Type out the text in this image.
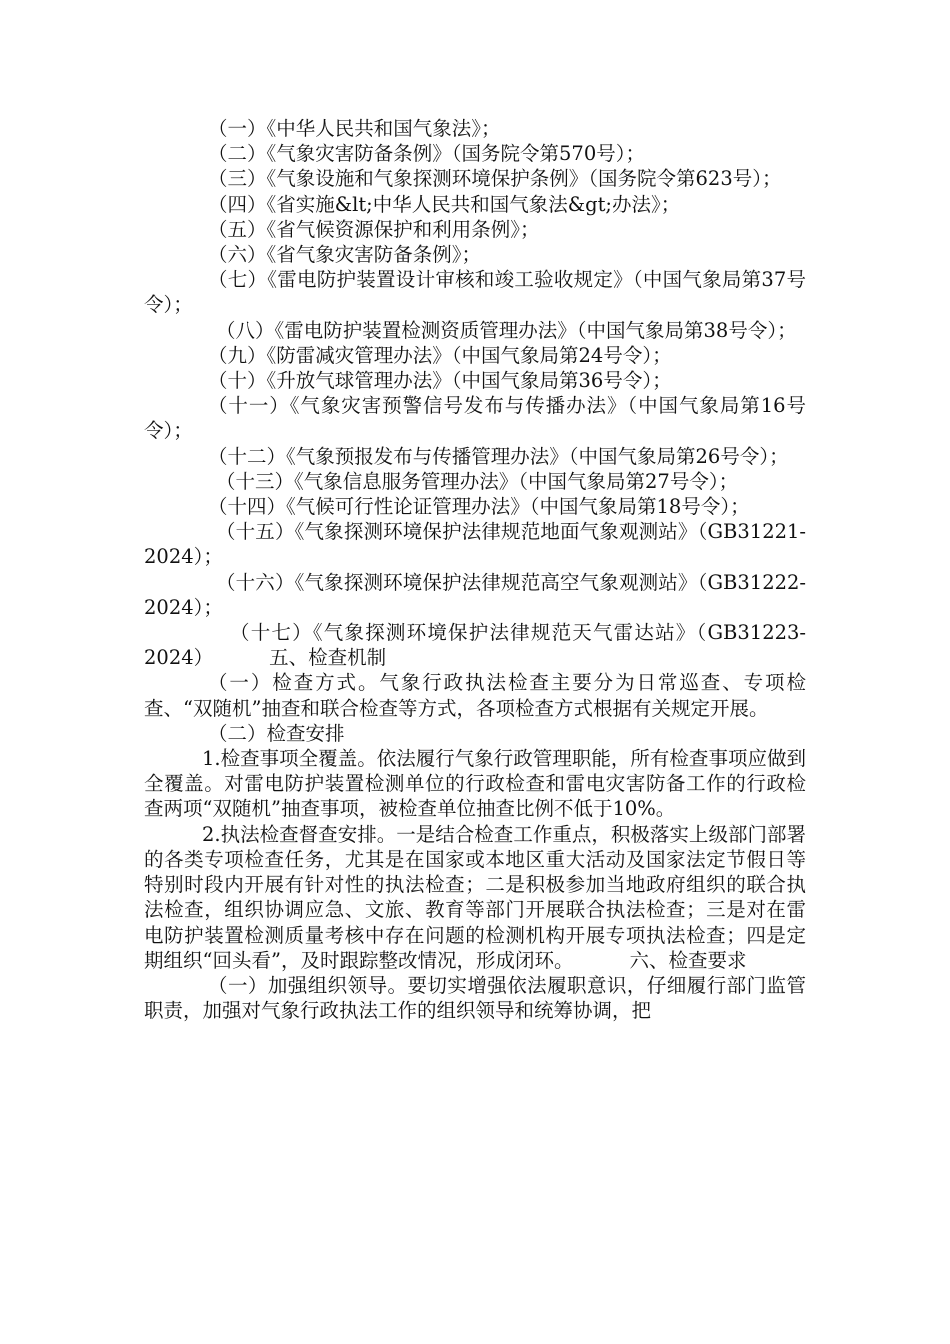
（一）《中华人民共和国气象法》；

（二）《气象灾害防备条例》（国务院令第570号）；

（三）《气象设施和气象探测环境保护条例》（国务院令第623号）；

（四）《省实施&lt;中华人民共和国气象法&gt;办法》；

（五）《省气候资源保护和利用条例》；

（六）《省气象灾害防备条例》；

（七）《雷电防护装置设计审核和竣工验收规定》（中国气象局第37号令）；

（八）《雷电防护装置检测资质管理办法》（中国气象局第38号令）；

（九）《防雷减灾管理办法》（中国气象局第24号令）；

（十）《升放气球管理办法》（中国气象局第36号令）；

（十一）《气象灾害预警信号发布与传播办法》（中国气象局第16号令）；

（十二）《气象预报发布与传播管理办法》（中国气象局第26号令）；

（十三）《气象信息服务管理办法》（中国气象局第27号令）；

（十四）《气候可行性论证管理办法》（中国气象局第18号令）；

（十五）《气象探测环境保护法律规范地面气象观测站》（GB31221-2024）；

（十六）《气象探测环境保护法律规范高空气象观测站》（GB31222-2024）；

（十七）《气象探测环境保护法律规范天气雷达站》（GB31223-2024）	五、检查机制

（一）检查方式。气象行政执法检查主要分为日常巡查、专项检查、“双随机”抽查和联合检查等方式，各项检查方式根据有关规定开展。

（二）检查安排

1.检查事项全覆盖。依法履行气象行政管理职能，所有检查事项应做到全覆盖。对雷电防护装置检测单位的行政检查和雷电灾害防备工作的行政检查两项“双随机”抽查事项，被检查单位抽查比例不低于10%。

2.执法检查督查安排。一是结合检查工作重点，积极落实上级部门部署的各类专项检查任务，尤其是在国家或本地区重大活动及国家法定节假日等特别时段内开展有针对性的执法检查；二是积极参加当地政府组织的联合执法检查，组织协调应急、文旅、教育等部门开展联合执法检查；三是对在雷电防护装置检测质量考核中存在问题的检测机构开展专项执法检查；四是定期组织“回头看”，及时跟踪整改情况，形成闭环。	六、检查要求

（一）加强组织领导。要切实增强依法履职意识，仔细履行部门监管职责，加强对气象行政执法工作的组织领导和统筹协调，把
